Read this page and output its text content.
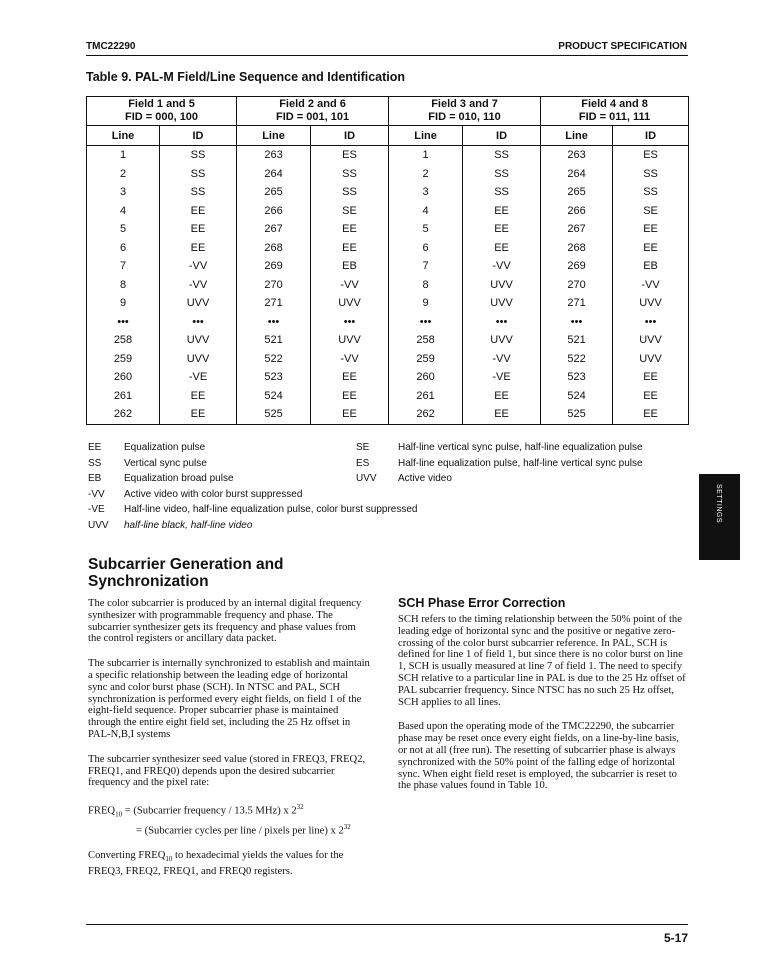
TMC22290	PRODUCT SPECIFICATION
Table 9. PAL-M Field/Line Sequence and Identification
Field 1 and 5
FID = 000, 100		Field 2 and 6
FID = 001, 101		Field 3 and 7
FID = 010, 110		Field 4 and 8
FID = 011, 111	
Line	ID	Line	ID	Line	ID	Line	ID
1	SS	263	ES	1	SS	263	ES
2	SS	264	SS	2	SS	264	SS
3	SS	265	SS	3	SS	265	SS
4	EE	266	SE	4	EE	266	SE
5	EE	267	EE	5	EE	267	EE
6	EE	268	EE	6	EE	268	EE
7	-VV	269	EB	7	-VV	269	EB
8	-VV	270	-VV	8	UVV	270	-VV
9	UVV	271	UVV	9	UVV	271	UVV
•••	•••	•••	•••	•••	•••	•••	•••
258	UVV	521	UVV	258	UVV	521	UVV
259	UVV	522	-VV	259	-VV	522	UVV
260	-VE	523	EE	260	-VE	523	EE
261	EE	524	EE	261	EE	524	EE
262	EE	525	EE	262	EE	525	EE
EE	Equalization pulse
SS	Vertical sync pulse
EB	Equalization broad pulse
-VV	Active video with color burst suppressed
-VE	Half-line video, half-line equalization pulse, color burst suppressed
UVV	half-line black, half-line video
SE	Half-line vertical sync pulse, half-line equalization pulse
ES	Half-line equalization pulse, half-line vertical sync pulse
UVV	Active video
SETTINGS
Subcarrier Generation and Synchronization

The color subcarrier is produced by an internal digital frequency synthesizer with programmable frequency and phase. The subcarrier synthesizer gets its frequency and phase values from the control registers or ancillary data packet.

The subcarrier is internally synchronized to establish and maintain a specific relationship between the leading edge of horizontal sync and color burst phase (SCH). In NTSC and PAL, SCH synchronization is performed every eight fields, on field 1 of the eight-field sequence. Proper subcarrier phase is maintained through the entire eight field set, including the 25 Hz offset in PAL-N,B,I systems

The subcarrier synthesizer seed value (stored in FREQ3, FREQ2, FREQ1, and FREQ0) depends upon the desired subcarrier frequency and the pixel rate:

$FREQ_{10}$ = (Subcarrier frequency / 13.5 MHz) x $2^{32}$
= (Subcarrier cycles per line / pixels per line) x $2^{32}$

Converting $FREQ_{10}$ to hexadecimal yields the values for the FREQ3, FREQ2, FREQ1, and FREQ0 registers.

SCH Phase Error Correction

SCH refers to the timing relationship between the 50% point of the leading edge of horizontal sync and the positive or negative zero-crossing of the color burst subcarrier reference. In PAL, SCH is defined for line 1 of field 1, but since there is no color burst on line 1, SCH is usually measured at line 7 of field 1. The need to specify SCH relative to a particular line in PAL is due to the 25 Hz offset of PAL subcarrier frequency. Since NTSC has no such 25 Hz offset, SCH applies to all lines.

Based upon the operating mode of the TMC22290, the subcarrier phase may be reset once every eight fields, on a line-by-line basis, or not at all (free run). The resetting of subcarrier phase is always synchronized with the 50% point of the falling edge of horizontal sync. When eight field reset is employed, the subcarrier is reset to the phase values found in Table 10.

5-17
